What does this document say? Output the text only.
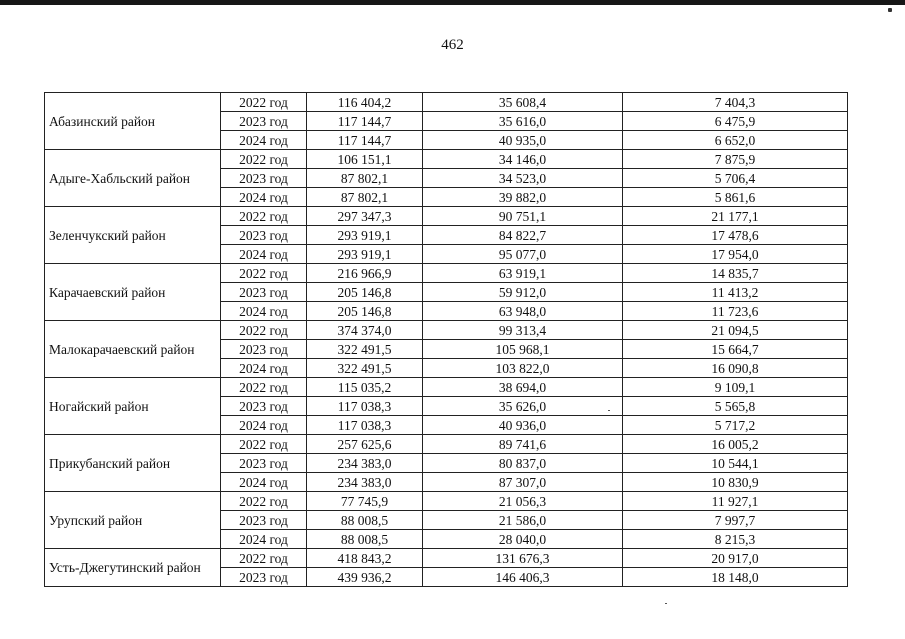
462
Абазинский район	2022 год	116 404,2	35 608,4	7 404,3
	2023 год	117 144,7	35 616,0	6 475,9
	2024 год	117 144,7	40 935,0	6 652,0
Адыге-Хабльский район	2022 год	106 151,1	34 146,0	7 875,9
	2023 год	87 802,1	34 523,0	5 706,4
	2024 год	87 802,1	39 882,0	5 861,6
Зеленчукский район	2022 год	297 347,3	90 751,1	21 177,1
	2023 год	293 919,1	84 822,7	17 478,6
	2024 год	293 919,1	95 077,0	17 954,0
Карачаевский район	2022 год	216 966,9	63 919,1	14 835,7
	2023 год	205 146,8	59 912,0	11 413,2
	2024 год	205 146,8	63 948,0	11 723,6
Малокарачаевский район	2022 год	374 374,0	99 313,4	21 094,5
	2023 год	322 491,5	105 968,1	15 664,7
	2024 год	322 491,5	103 822,0	16 090,8
Ногайский район	2022 год	115 035,2	38 694,0	9 109,1
	2023 год	117 038,3	35 626,0	5 565,8
	2024 год	117 038,3	40 936,0	5 717,2
Прикубанский район	2022 год	257 625,6	89 741,6	16 005,2
	2023 год	234 383,0	80 837,0	10 544,1
	2024 год	234 383,0	87 307,0	10 830,9
Урупский район	2022 год	77 745,9	21 056,3	11 927,1
	2023 год	88 008,5	21 586,0	7 997,7
	2024 год	88 008,5	28 040,0	8 215,3
Усть-Джегутинский район	2022 год	418 843,2	131 676,3	20 917,0
	2023 год	439 936,2	146 406,3	18 148,0
